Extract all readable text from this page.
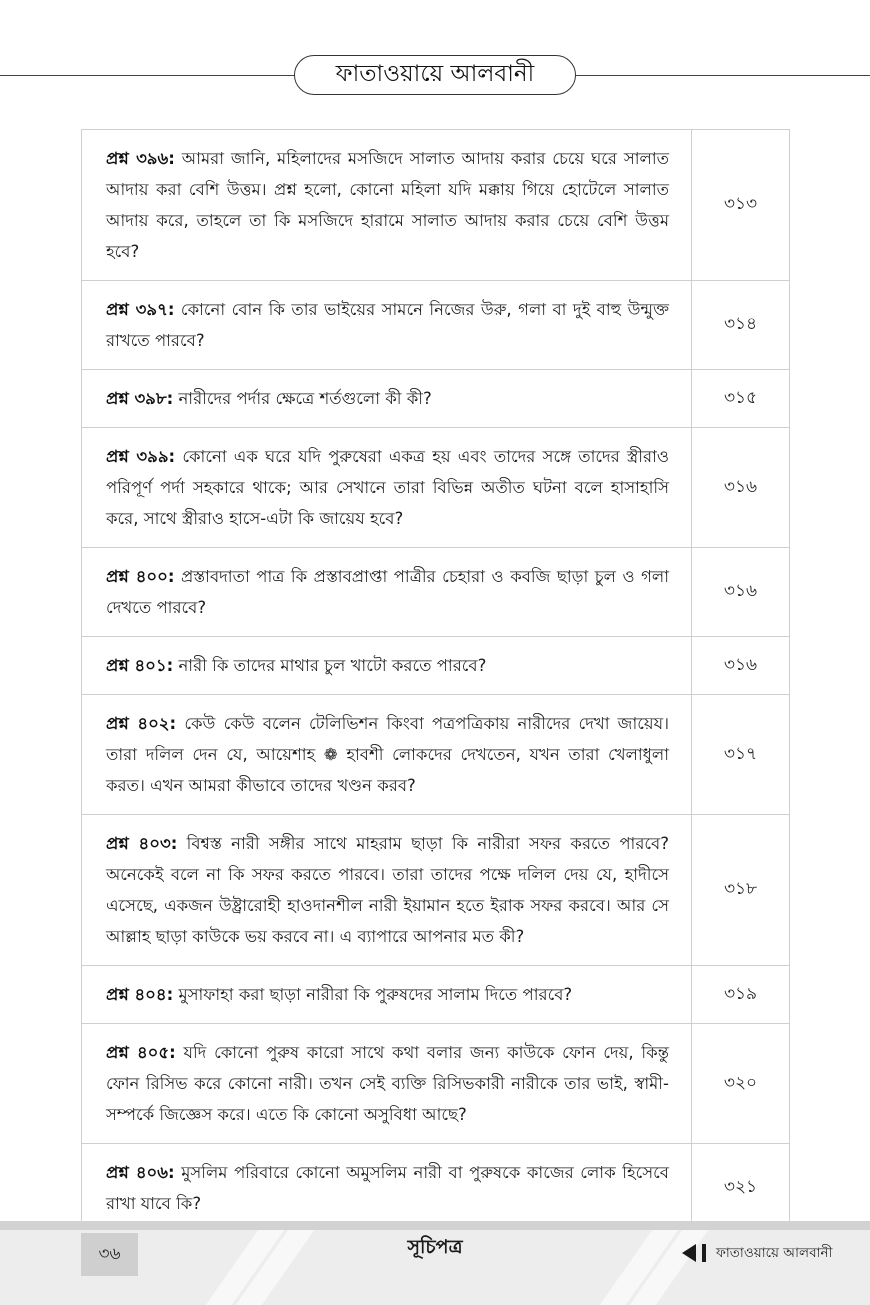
ফাতাওয়ায়ে আলবানী
প্রশ্ন ৩৯৬: আমরা জানি, মহিলাদের মসজিদে সালাত আদায় করার চেয়ে ঘরে সালাত আদায় করা বেশি উত্তম। প্রশ্ন হলো, কোনো মহিলা যদি মক্কায় গিয়ে হোটেলে সালাত আদায় করে, তাহলে তা কি মসজিদে হারামে সালাত আদায় করার চেয়ে বেশি উত্তম হবে?	৩১৩
প্রশ্ন ৩৯৭: কোনো বোন কি তার ভাইয়ের সামনে নিজের উরু, গলা বা দুই বাহু উন্মুক্ত রাখতে পারবে?	৩১৪
প্রশ্ন ৩৯৮: নারীদের পর্দার ক্ষেত্রে শর্তগুলো কী কী?	৩১৫
প্রশ্ন ৩৯৯: কোনো এক ঘরে যদি পুরুষেরা একত্র হয় এবং তাদের সঙ্গে তাদের স্ত্রীরাও পরিপূর্ণ পর্দা সহকারে থাকে; আর সেখানে তারা বিভিন্ন অতীত ঘটনা বলে হাসাহাসি করে, সাথে স্ত্রীরাও হাসে-এটা কি জায়েয হবে?	৩১৬
প্রশ্ন ৪০০: প্রস্তাবদাতা পাত্র কি প্রস্তাবপ্রাপ্তা পাত্রীর চেহারা ও কবজি ছাড়া চুল ও গলা দেখতে পারবে?	৩১৬
প্রশ্ন ৪০১: নারী কি তাদের মাথার চুল খাটো করতে পারবে?	৩১৬
প্রশ্ন ৪০২: কেউ কেউ বলেন টেলিভিশন কিংবা পত্রপত্রিকায় নারীদের দেখা জায়েয। তারা দলিল দেন যে, আয়েশাহ ❁ হাবশী লোকদের দেখতেন, যখন তারা খেলাধুলা করত। এখন আমরা কীভাবে তাদের খণ্ডন করব?	৩১৭
প্রশ্ন ৪০৩: বিশ্বস্ত নারী সঙ্গীর সাথে মাহরাম ছাড়া কি নারীরা সফর করতে পারবে? অনেকেই বলে না কি সফর করতে পারবে। তারা তাদের পক্ষে দলিল দেয় যে, হাদীসে এসেছে, একজন উষ্ট্রারোহী হাওদানশীল নারী ইয়ামান হতে ইরাক সফর করবে। আর সে আল্লাহ ছাড়া কাউকে ভয় করবে না। এ ব্যাপারে আপনার মত কী?	৩১৮
প্রশ্ন ৪০৪: মুসাফাহা করা ছাড়া নারীরা কি পুরুষদের সালাম দিতে পারবে?	৩১৯
প্রশ্ন ৪০৫: যদি কোনো পুরুষ কারো সাথে কথা বলার জন্য কাউকে ফোন দেয়, কিন্তু ফোন রিসিভ করে কোনো নারী। তখন সেই ব্যক্তি রিসিভকারী নারীকে তার ভাই, স্বামী-সম্পর্কে জিজ্ঞেস করে। এতে কি কোনো অসুবিধা আছে?	৩২০
প্রশ্ন ৪০৬: মুসলিম পরিবারে কোনো অমুসলিম নারী বা পুরুষকে কাজের লোক হিসেবে রাখা যাবে কি?	৩২১
৩৬	সূচিপত্র	ফাতাওয়ায়ে আলবানী
